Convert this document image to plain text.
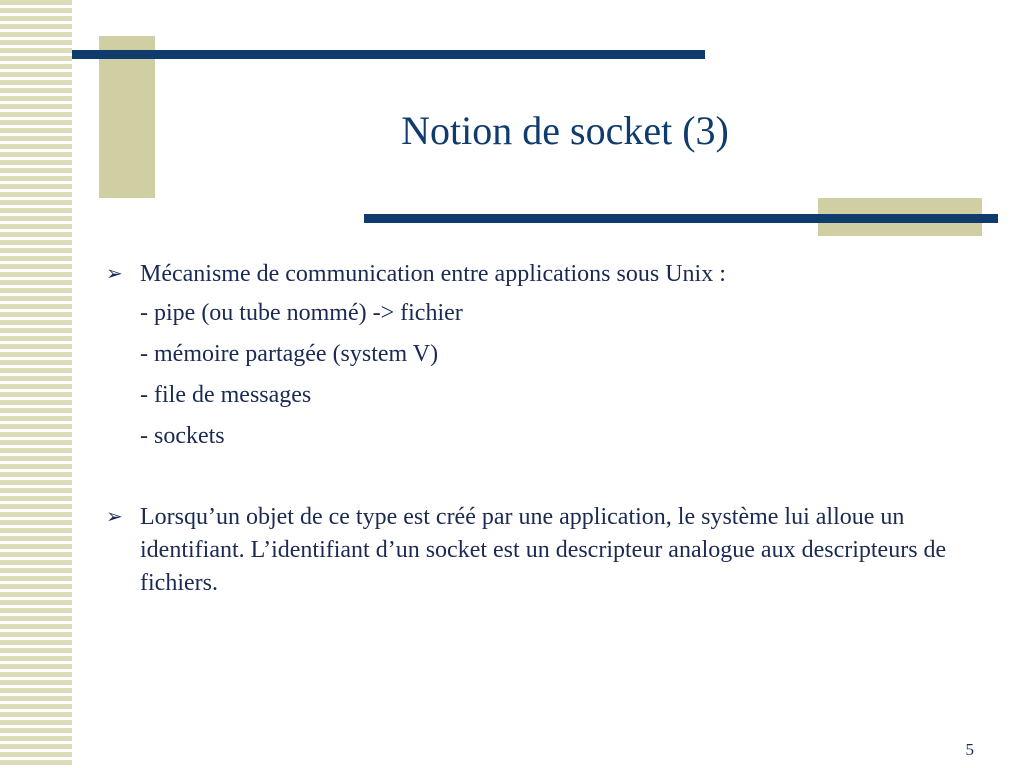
Notion de socket (3)
➢ Mécanisme de communication entre applications sous Unix :
- pipe (ou tube nommé) -> fichier
- mémoire partagée (system V)
- file de messages
- sockets
➢ Lorsqu’un objet de ce type est créé par une application, le système lui alloue un identifiant. L’identifiant d’un socket est un descripteur analogue aux descripteurs de fichiers.
5
